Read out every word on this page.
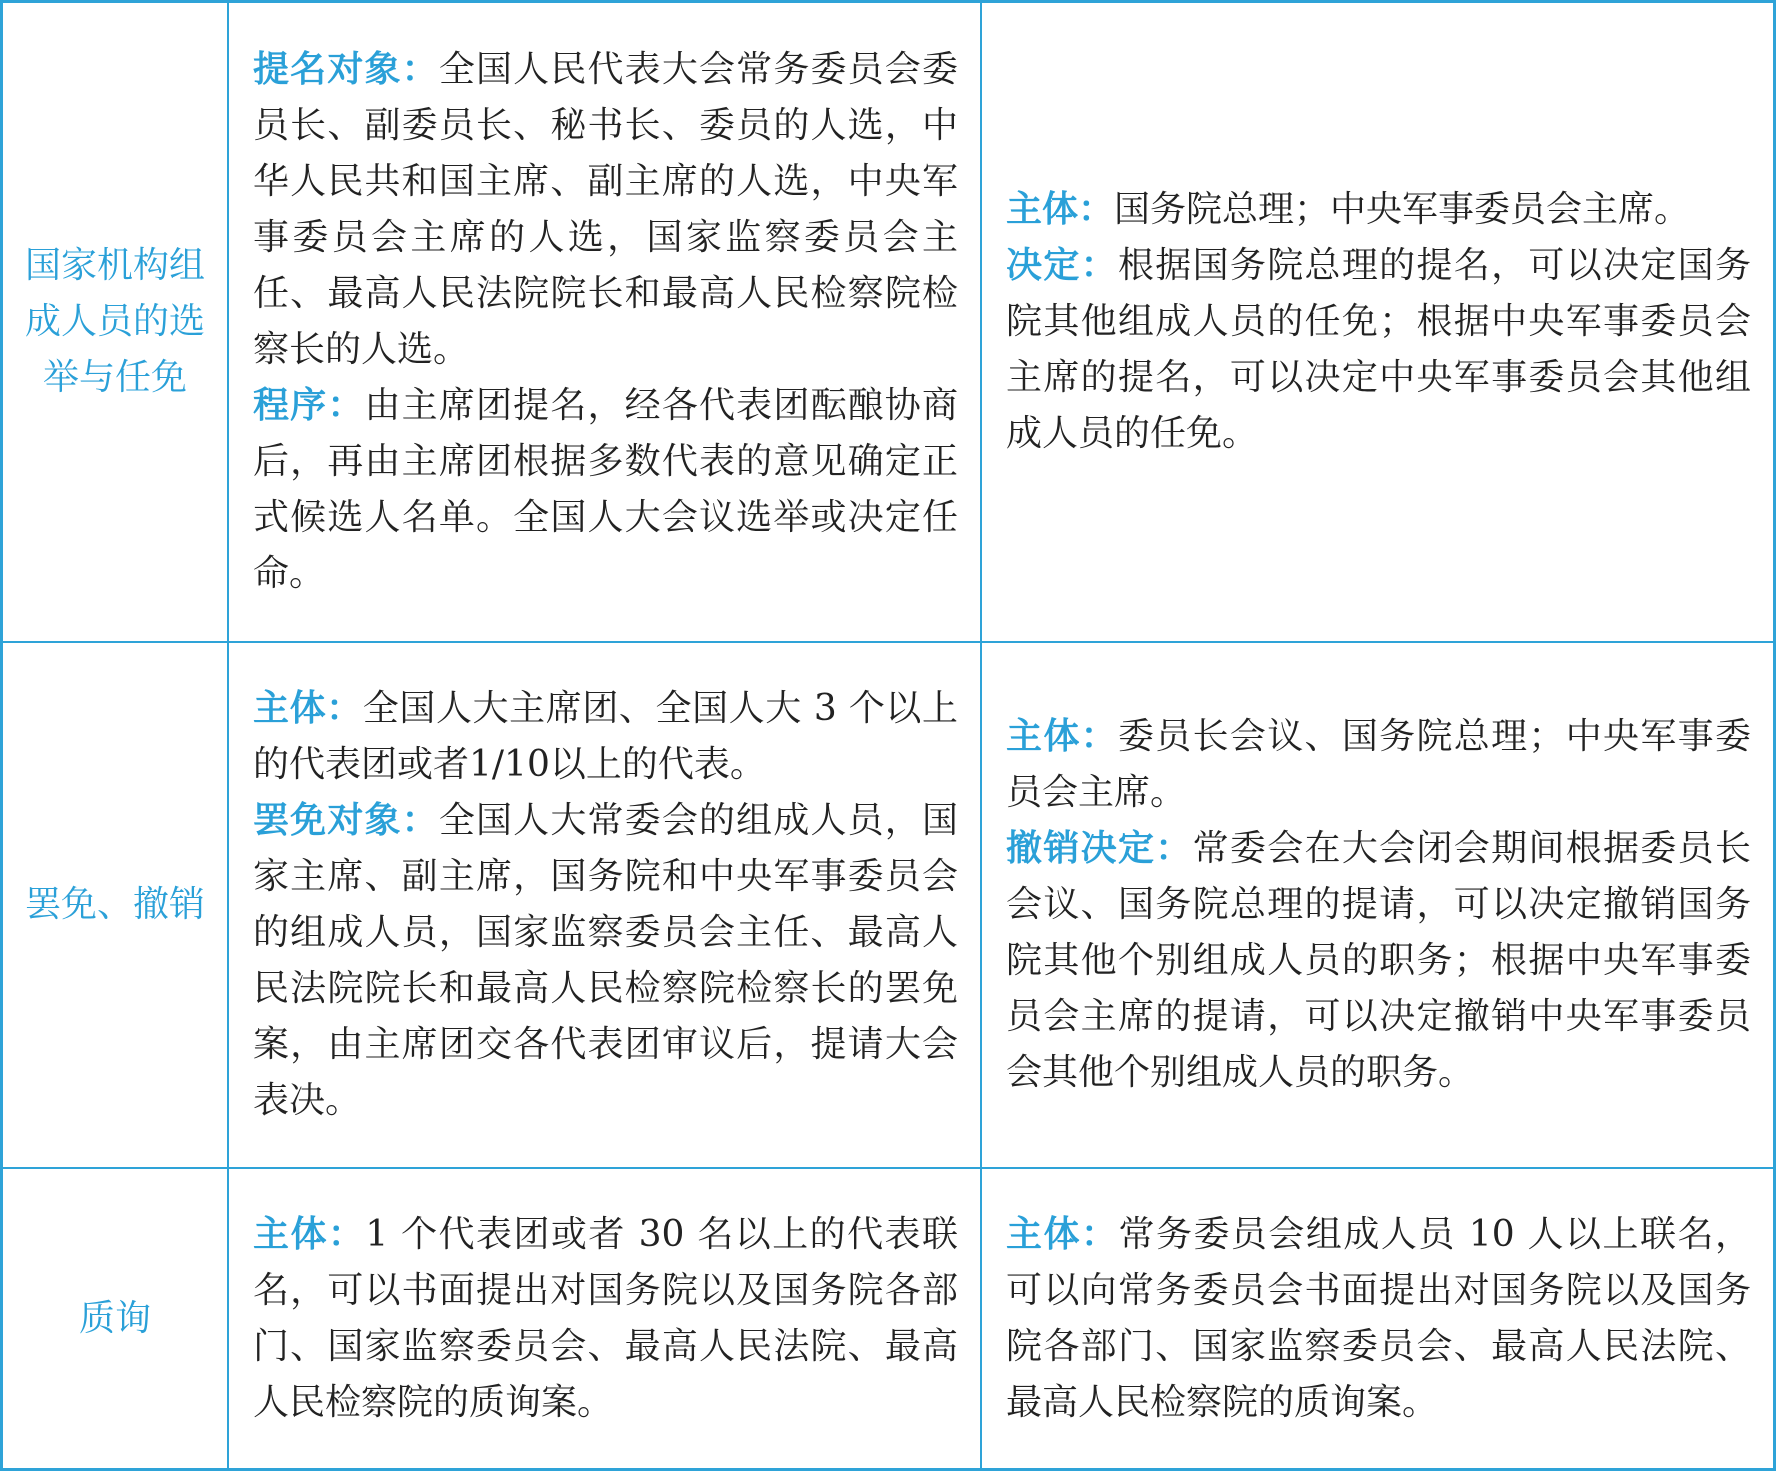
国家机构组成人员的选举与任免

提名对象：全国人民代表大会常务委员会委员长、副委员长、秘书长、委员的人选，中华人民共和国主席、副主席的人选，中央军事委员会主席的人选，国家监察委员会主任、最高人民法院院长和最高人民检察院检察长的人选。

程序：由主席团提名，经各代表团酝酿协商后，再由主席团根据多数代表的意见确定正式候选人名单。全国人大会议选举或决定任命。

主体：国务院总理；中央军事委员会主席。

决定：根据国务院总理的提名，可以决定国务院其他组成人员的任免；根据中央军事委员会主席的提名，可以决定中央军事委员会其他组成人员的任免。

罢免、撤销

主体：全国人大主席团、全国人大 3 个以上的代表团或者1/10以上的代表。

罢免对象：全国人大常委会的组成人员，国家主席、副主席，国务院和中央军事委员会的组成人员，国家监察委员会主任、最高人民法院院长和最高人民检察院检察长的罢免案，由主席团交各代表团审议后，提请大会表决。

主体：委员长会议、国务院总理；中央军事委员会主席。

撤销决定：常委会在大会闭会期间根据委员长会议、国务院总理的提请，可以决定撤销国务院其他个别组成人员的职务；根据中央军事委员会主席的提请，可以决定撤销中央军事委员会其他个别组成人员的职务。

质询

主体：1 个代表团或者 30 名以上的代表联名，可以书面提出对国务院以及国务院各部门、国家监察委员会、最高人民法院、最高人民检察院的质询案。

主体：常务委员会组成人员 10 人以上联名，可以向常务委员会书面提出对国务院以及国务院各部门、国家监察委员会、最高人民法院、最高人民检察院的质询案。
